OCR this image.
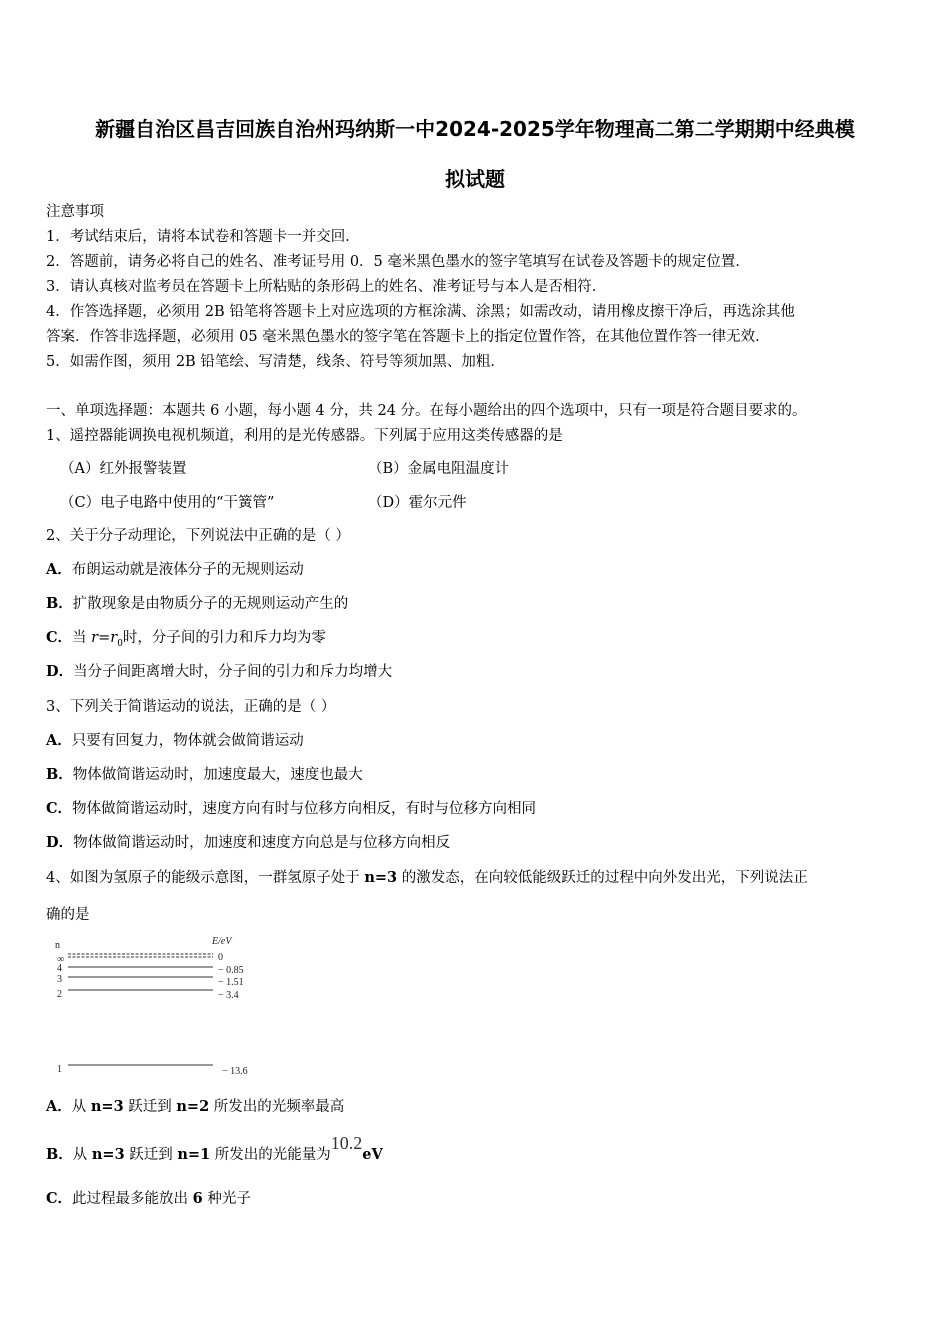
新疆自治区昌吉回族自治州玛纳斯一中2024-2025学年物理高二第二学期期中经典模
拟试题
注意事项
1．考试结束后，请将本试卷和答题卡一并交回．
2．答题前，请务必将自己的姓名、准考证号用 0．5 毫米黑色墨水的签字笔填写在试卷及答题卡的规定位置．
3．请认真核对监考员在答题卡上所粘贴的条形码上的姓名、准考证号与本人是否相符．
4．作答选择题，必须用 2B 铅笔将答题卡上对应选项的方框涂满、涂黑；如需改动，请用橡皮擦干净后，再选涂其他
答案．作答非选择题，必须用 05 毫米黑色墨水的签字笔在答题卡上的指定位置作答，在其他位置作答一律无效．
5．如需作图，须用 2B 铅笔绘、写清楚，线条、符号等须加黑、加粗．
一、单项选择题：本题共 6 小题，每小题 4 分，共 24 分。在每小题给出的四个选项中，只有一项是符合题目要求的。
1、遥控器能调换电视机频道，利用的是光传感器。下列属于应用这类传感器的是
（A）红外报警装置	（B）金属电阻温度计
（C）电子电路中使用的“干簧管”	（D）霍尔元件
2、关于分子动理论，下列说法中正确的是（ ）
A．布朗运动就是液体分子的无规则运动
B．扩散现象是由物质分子的无规则运动产生的
C．当 $r=r_0$时，分子间的引力和斥力均为零
D．当分子间距离增大时，分子间的引力和斥力均增大
3、下列关于简谐运动的说法，正确的是（ ）
A．只要有回复力，物体就会做简谐运动
B．物体做简谐运动时，加速度最大，速度也最大
C．物体做简谐运动时，速度方向有时与位移方向相反，有时与位移方向相同
D．物体做简谐运动时，加速度和速度方向总是与位移方向相反
4、如图为氢原子的能级示意图，一群氢原子处于 n=3 的激发态，在向较低能级跃迁的过程中向外发出光，下列说法正
确的是
n	E/eV
∞	0
4	− 0.85
3	− 1.51
2	− 3.4
1	− 13.6
A．从 n=3 跃迁到 n=2 所发出的光频率最高
B．从 n=3 跃迁到 n=1 所发出的光能量为10.2eV
C．此过程最多能放出 6 种光子
